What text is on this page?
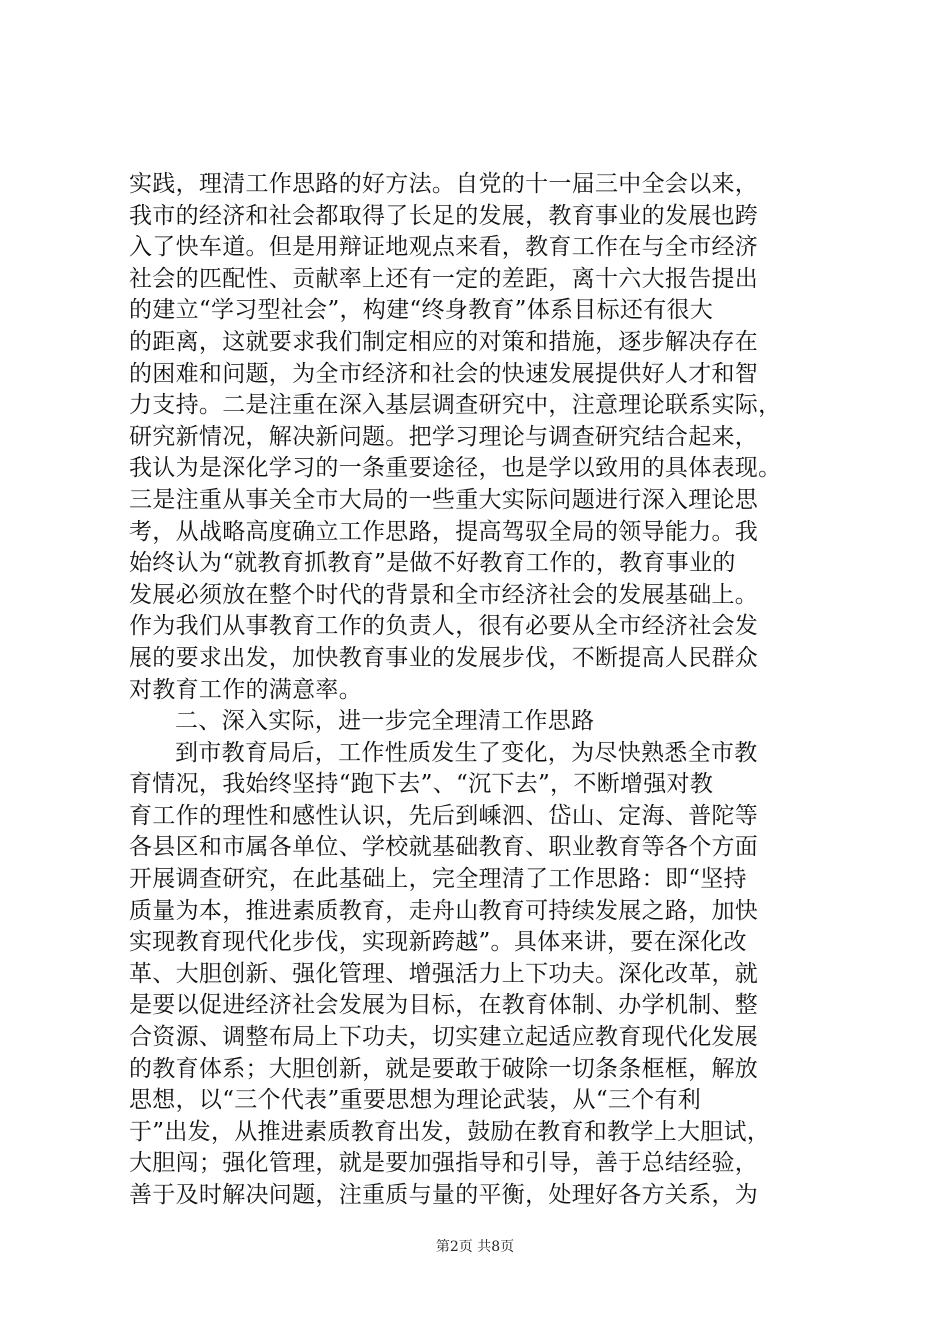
实践，理清工作思路的好方法。自党的十一届三中全会以来，
我市的经济和社会都取得了长足的发展，教育事业的发展也跨
入了快车道。但是用辩证地观点来看，教育工作在与全市经济
社会的匹配性、贡献率上还有一定的差距，离十六大报告提出
的建立“学习型社会”，构建“终身教育”体系目标还有很大
的距离，这就要求我们制定相应的对策和措施，逐步解决存在
的困难和问题，为全市经济和社会的快速发展提供好人才和智
力支持。二是注重在深入基层调查研究中，注意理论联系实际，
研究新情况，解决新问题。把学习理论与调查研究结合起来，
我认为是深化学习的一条重要途径，也是学以致用的具体表现。
三是注重从事关全市大局的一些重大实际问题进行深入理论思
考，从战略高度确立工作思路，提高驾驭全局的领导能力。我
始终认为“就教育抓教育”是做不好教育工作的，教育事业的
发展必须放在整个时代的背景和全市经济社会的发展基础上。
作为我们从事教育工作的负责人，很有必要从全市经济社会发
展的要求出发，加快教育事业的发展步伐，不断提高人民群众
对教育工作的满意率。
二、深入实际，进一步完全理清工作思路
到市教育局后，工作性质发生了变化，为尽快熟悉全市教
育情况，我始终坚持“跑下去”、“沉下去”，不断增强对教
育工作的理性和感性认识，先后到嵊泗、岱山、定海、普陀等
各县区和市属各单位、学校就基础教育、职业教育等各个方面
开展调查研究，在此基础上，完全理清了工作思路：即“坚持
质量为本，推进素质教育，走舟山教育可持续发展之路，加快
实现教育现代化步伐，实现新跨越”。具体来讲，要在深化改
革、大胆创新、强化管理、增强活力上下功夫。深化改革，就
是要以促进经济社会发展为目标，在教育体制、办学机制、整
合资源、调整布局上下功夫，切实建立起适应教育现代化发展
的教育体系；大胆创新，就是要敢于破除一切条条框框，解放
思想，以“三个代表”重要思想为理论武装，从“三个有利
于”出发，从推进素质教育出发，鼓励在教育和教学上大胆试，
大胆闯；强化管理，就是要加强指导和引导，善于总结经验，
善于及时解决问题，注重质与量的平衡，处理好各方关系，为
第2页 共8页
